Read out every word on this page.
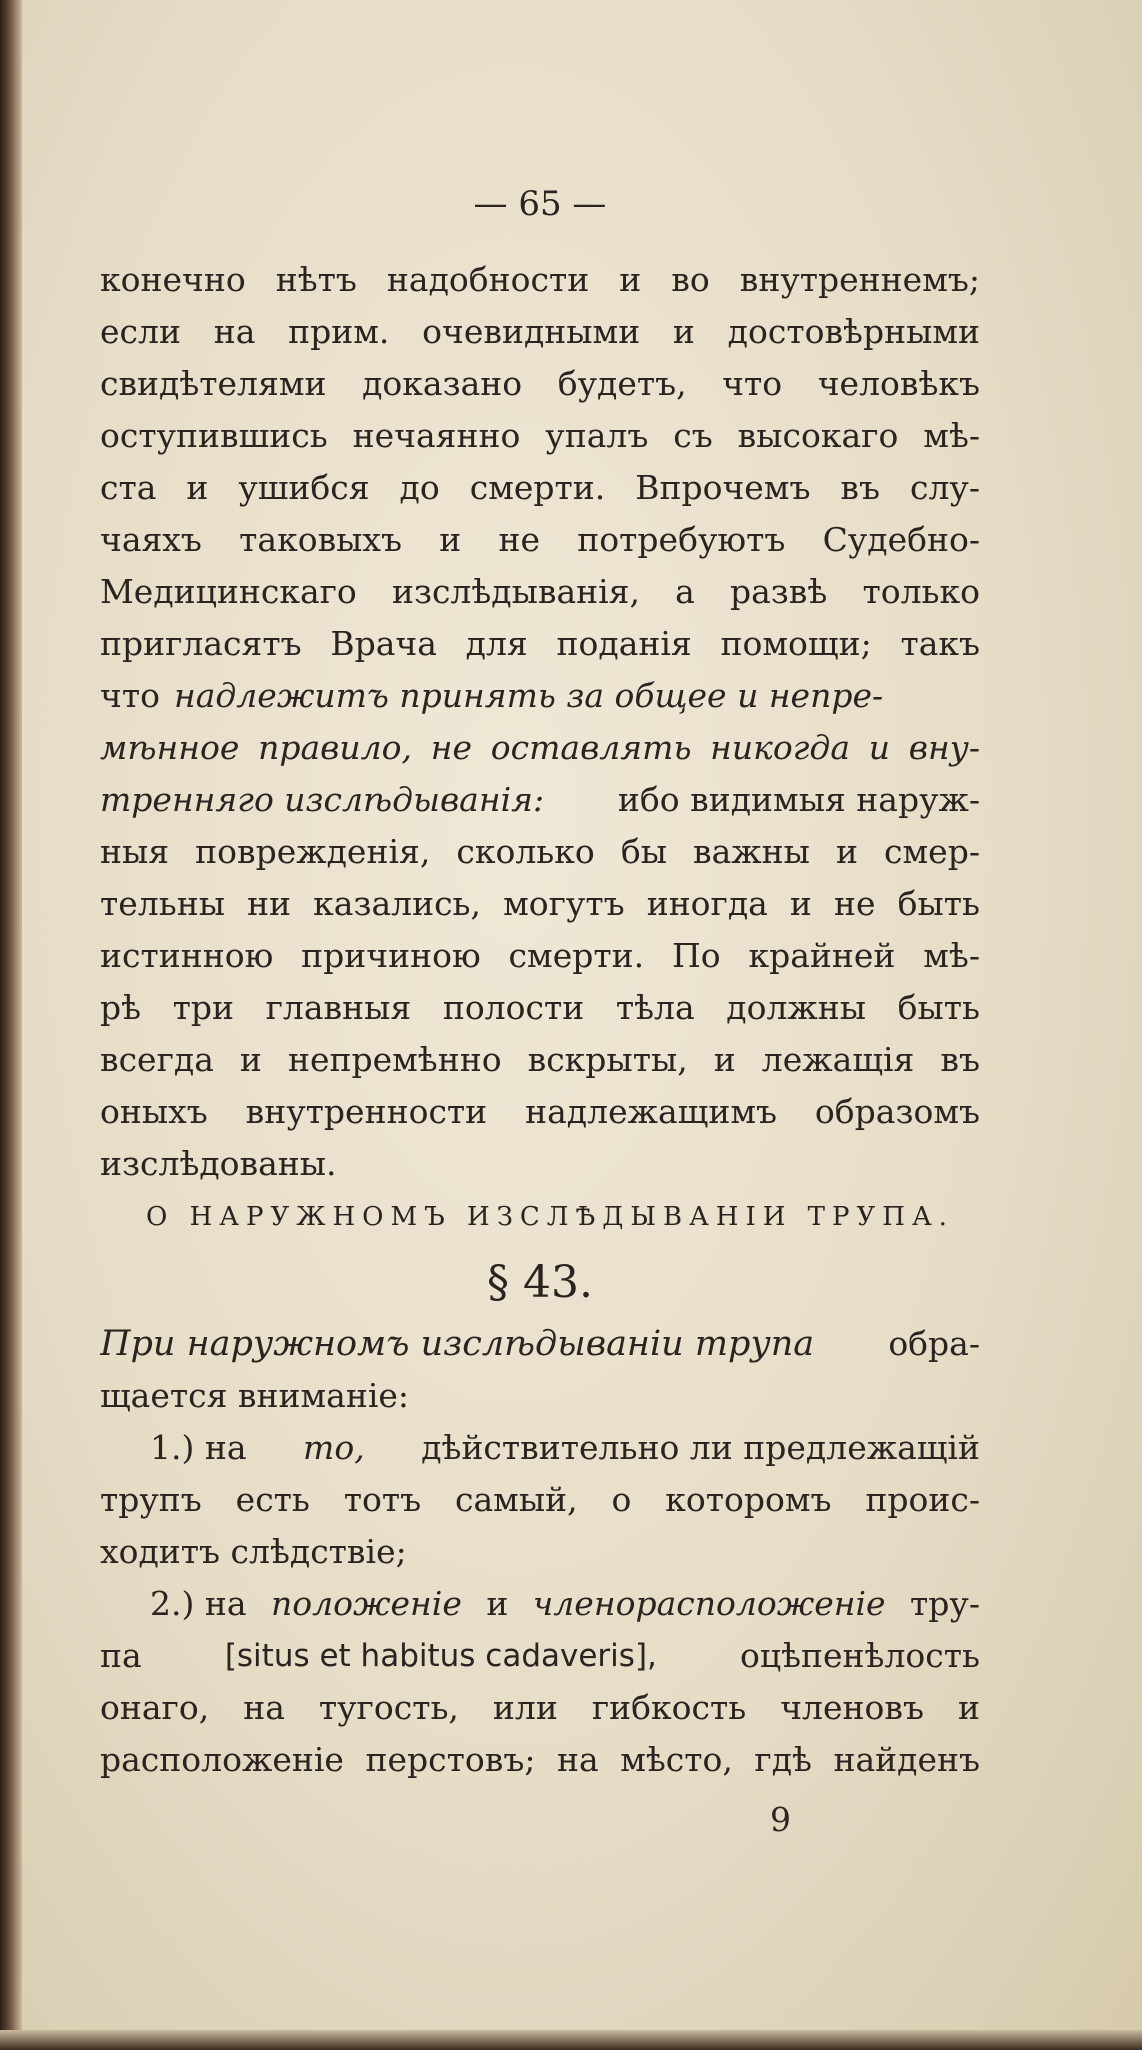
— 65 —
конечно нѣтъ надобности и во внутреннемъ;
если на прим. очевидными и достовѣрными
свидѣтелями доказано будетъ, что человѣкъ
оступившись нечаянно упалъ съ высокаго мѣ-
ста и ушибся до смерти. Впрочемъ въ слу-
чаяхъ таковыхъ и не потребуютъ Судебно-
Медицинскаго изслѣдыванія, а развѣ только
пригласятъ Врача для поданія помощи; такъ
что надлежитъ принять за общее и непре-
мѣнное правило, не оставлять никогда и вну-
тренняго изслѣдыванія: ибо видимыя наруж-
ныя поврежденія, сколько бы важны и смер-
тельны ни казались, могутъ иногда и не быть
истинною причиною смерти. По крайней мѣ-
рѣ три главныя полости тѣла должны быть
всегда и непремѣнно вскрыты, и лежащія въ
оныхъ внутренности надлежащимъ образомъ
изслѣдованы.
О НАРУЖНОМЪ ИЗСЛѢДЫВАНІИ ТРУПА.
§ 43.
При наружномъ изслѣдываніи трупа обра-
щается вниманіе:
1.) на то, дѣйствительно ли предлежащій
трупъ есть тотъ самый, о которомъ проис-
ходитъ слѣдствіе;
2.) на положеніе и членорасположеніе тру-
па	[situs et habitus cadaveris],	оцѣпенѣлость
онаго, на тугость, или гибкость членовъ и
расположеніе перстовъ; на мѣсто, гдѣ найденъ
9
